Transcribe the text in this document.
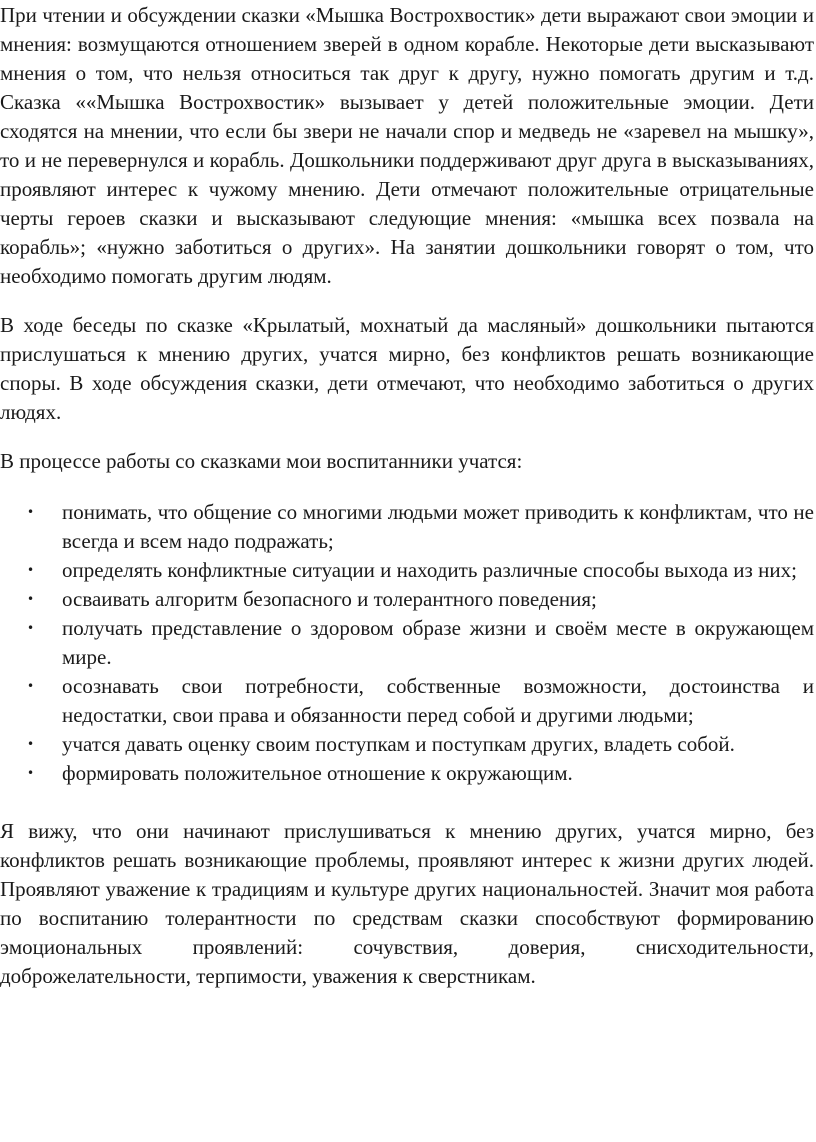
При чтении и обсуждении сказки «Мышка Вострохвостик» дети выражают свои эмоции и мнения: возмущаются отношением зверей в одном корабле. Некоторые дети высказывают мнения о том, что нельзя относиться так друг к другу, нужно помогать другим и т.д. Сказка ««Мышка Вострохвостик» вызывает у детей положительные эмоции. Дети сходятся на мнении, что если бы звери не начали спор и медведь не «заревел на мышку», то и не перевернулся и корабль. Дошкольники поддерживают друг друга в высказываниях, проявляют интерес к чужому мнению. Дети отмечают положительные отрицательные черты героев сказки и высказывают следующие мнения: «мышка всех позвала на корабль»; «нужно заботиться о других». На занятии дошкольники говорят о том, что необходимо помогать другим людям.

В ходе беседы по сказке «Крылатый, мохнатый да масляный» дошкольники пытаются прислушаться к мнению других, учатся мирно, без конфликтов решать возникающие споры. В ходе обсуждения сказки, дети отмечают, что необходимо заботиться о других людях.

В процессе работы со сказками мои воспитанники учатся:

• понимать, что общение со многими людьми может приводить к конфликтам, что не всегда и всем надо подражать;
• определять конфликтные ситуации и находить различные способы выхода из них;
• осваивать алгоритм безопасного и толерантного поведения;
• получать представление о здоровом образе жизни и своём месте в окружающем мире.
• осознавать свои потребности, собственные возможности, достоинства и недостатки, свои права и обязанности перед собой и другими людьми;
• учатся давать оценку своим поступкам и поступкам других, владеть собой.
• формировать положительное отношение к окружающим.

Я вижу, что они начинают прислушиваться к мнению других, учатся мирно, без конфликтов решать возникающие проблемы, проявляют интерес к жизни других людей. Проявляют уважение к традициям и культуре других национальностей. Значит моя работа по воспитанию толерантности по средствам сказки способствуют формированию эмоциональных проявлений: сочувствия, доверия, снисходительности, доброжелательности, терпимости, уважения к сверстникам.
